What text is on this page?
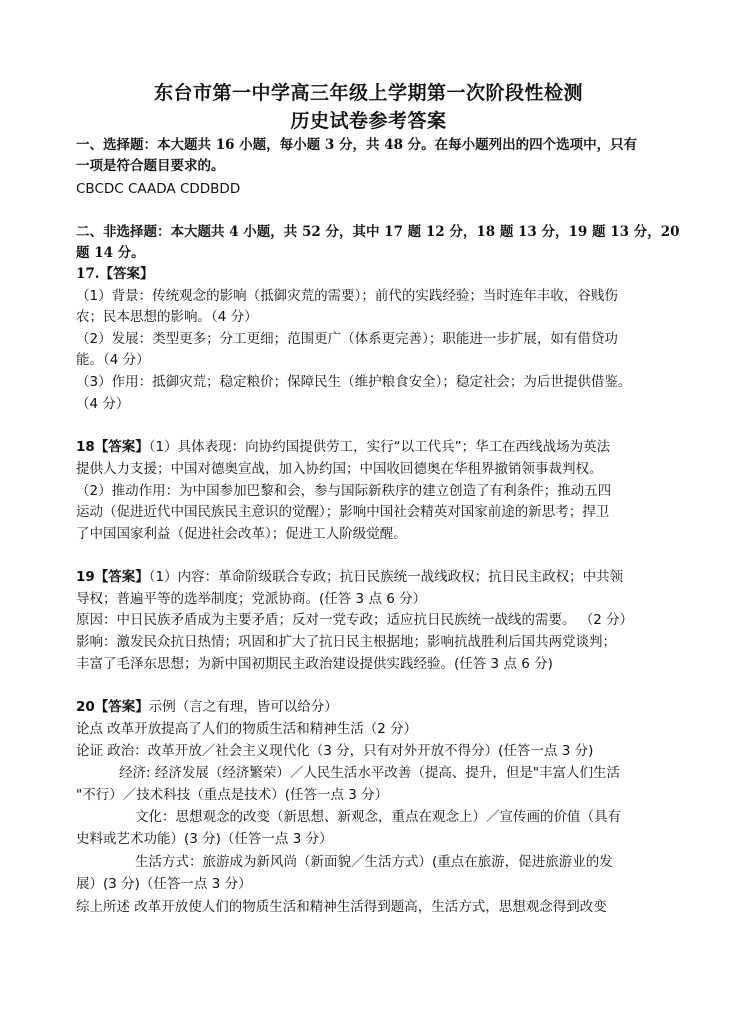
东台市第一中学高三年级上学期第一次阶段性检测
历史试卷参考答案
一、选择题：本大题共 16 小题，每小题 3 分，共 48 分。在每小题列出的四个选项中，只有
一项是符合题目要求的。
CBCDC CAADA CDDBDD
二、非选择题：本大题共 4 小题，共 52 分，其中 17 题 12 分，18 题 13 分，19 题 13 分，20
题 14 分。
17.【答案】
（1）背景：传统观念的影响（抵御灾荒的需要）；前代的实践经验；当时连年丰收，谷贱伤
农；民本思想的影响。（4 分）
（2）发展：类型更多；分工更细；范围更广（体系更完善）；职能进一步扩展，如有借贷功
能。（4 分）
（3）作用：抵御灾荒；稳定粮价；保障民生（维护粮食安全）；稳定社会；为后世提供借鉴。
（4 分）
18【答案】（1）具体表现：向协约国提供劳工，实行“以工代兵”；华工在西线战场为英法
提供人力支援；中国对德奥宣战，加入协约国；中国收回德奥在华租界撤销领事裁判权。
（2）推动作用：为中国参加巴黎和会，参与国际新秩序的建立创造了有利条件；推动五四
运动（促进近代中国民族民主意识的觉醒）；影响中国社会精英对国家前途的新思考；捍卫
了中国国家利益（促进社会改革）；促进工人阶级觉醒。
19【答案】（1）内容：革命阶级联合专政；抗日民族统一战线政权；抗日民主政权；中共领
导权；普遍平等的选举制度；党派协商。(任答 3 点 6 分）
原因：中日民族矛盾成为主要矛盾；反对一党专政；适应抗日民族统一战线的需要。 （2 分）
影响：激发民众抗日热情；巩固和扩大了抗日民主根据地；影响抗战胜利后国共两党谈判；
丰富了毛泽东思想；为新中国初期民主政治建设提供实践经验。(任答 3 点 6 分)
20【答案】示例（言之有理，皆可以给分）
论点 改革开放提高了人们的物质生活和精神生活（2 分）
论证 政治：改革开放／社会主义现代化（3 分，只有对外开放不得分）(任答一点 3 分)
经济: 经济发展（经济繁荣）／人民生活水平改善（提高、提升，但是"丰富人们生活
"不行）／技术科技（重点是技术）(任答一点 3 分）
文化：思想观念的改变（新思想、新观念，重点在观念上）／宣传画的价值（具有
史料或艺术功能）(3 分)（任答一点 3 分）
生活方式：旅游成为新风尚（新面貌／生活方式）(重点在旅游，促进旅游业的发
展）(3 分)（任答一点 3 分）
综上所述 改革开放使人们的物质生活和精神生活得到题高，生活方式，思想观念得到改变
